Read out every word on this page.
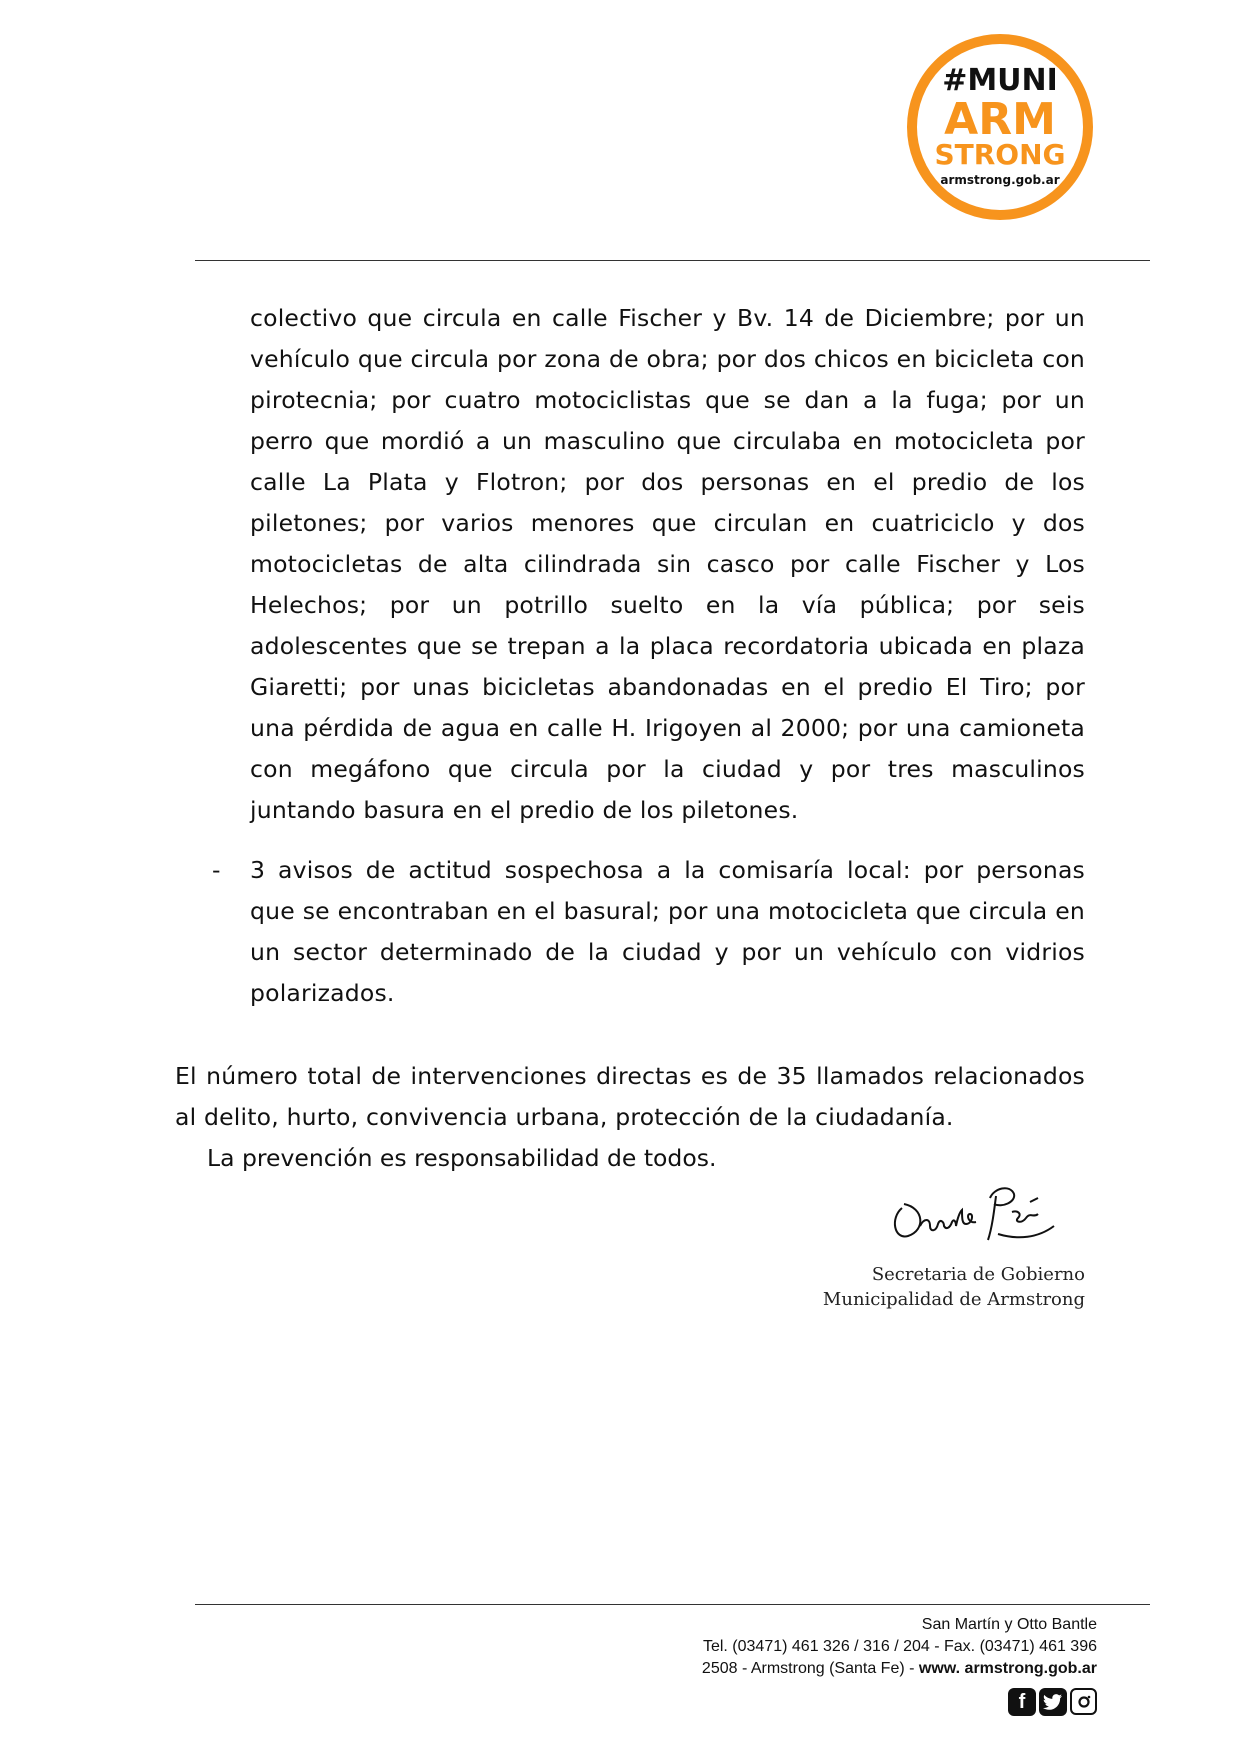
#MUNI
ARM
STRONG
armstrong.gob.ar
colectivo que circula en calle Fischer y Bv. 14 de Diciembre; por un vehículo que circula por zona de obra; por dos chicos en bicicleta con pirotecnia; por cuatro motociclistas que se dan a la fuga; por un perro que mordió a un masculino que circulaba en motocicleta por calle La Plata y Flotron; por dos personas en el predio de los piletones; por varios menores que circulan en cuatriciclo y dos motocicletas de alta cilindrada sin casco por calle Fischer y Los Helechos; por un potrillo suelto en la vía pública; por seis adolescentes que se trepan a la placa recordatoria ubicada en plaza Giaretti; por unas bicicletas abandonadas en el predio El Tiro; por una pérdida de agua en calle H. Irigoyen al 2000; por una camioneta con megáfono que circula por la ciudad y por tres masculinos juntando basura en el predio de los piletones.
- 3 avisos de actitud sospechosa a la comisaría local: por personas que se encontraban en el basural; por una motocicleta que circula en un sector determinado de la ciudad y por un vehículo con vidrios polarizados.
El número total de intervenciones directas es de 35 llamados relacionados al delito, hurto, convivencia urbana, protección de la ciudadanía.
La prevención es responsabilidad de todos.
Secretaria de Gobierno
Municipalidad de Armstrong
San Martín y Otto Bantle
Tel. (03471) 461 326 / 316 / 204 - Fax. (03471) 461 396
2508 - Armstrong (Santa Fe) - www. armstrong.gob.ar
f
